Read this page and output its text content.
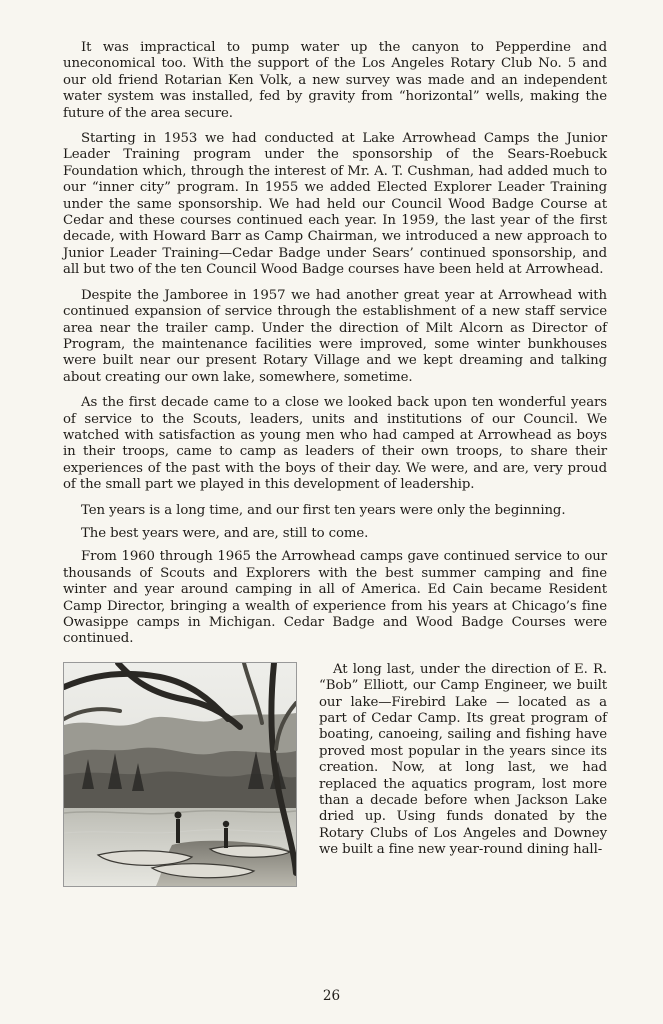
It was impractical to pump water up the canyon to Pepperdine and uneconomical too. With the support of the Los Angeles Rotary Club No. 5 and our old friend Rotarian Ken Volk, a new survey was made and an independent water system was installed, fed by gravity from “horizontal” wells, making the future of the area secure.

Starting in 1953 we had conducted at Lake Arrowhead Camps the Junior Leader Training program under the sponsorship of the Sears-Roebuck Foundation which, through the interest of Mr. A. T. Cushman, had added much to our “inner city” program. In 1955 we added Elected Explorer Leader Training under the same sponsorship. We had held our Council Wood Badge Course at Cedar and these courses continued each year. In 1959, the last year of the first decade, with Howard Barr as Camp Chairman, we introduced a new approach to Junior Leader Training—Cedar Badge under Sears’ continued sponsorship, and all but two of the ten Council Wood Badge courses have been held at Arrowhead.

Despite the Jamboree in 1957 we had another great year at Arrowhead with continued expansion of service through the establishment of a new staff service area near the trailer camp. Under the direction of Milt Alcorn as Director of Program, the maintenance facilities were improved, some winter bunkhouses were built near our present Rotary Village and we kept dreaming and talking about creating our own lake, somewhere, sometime.

As the first decade came to a close we looked back upon ten wonderful years of service to the Scouts, leaders, units and institutions of our Council. We watched with satisfaction as young men who had camped at Arrowhead as boys in their troops, came to camp as leaders of their own troops, to share their experiences of the past with the boys of their day. We were, and are, very proud of the small part we played in this development of leadership.

Ten years is a long time, and our first ten years were only the beginning.

The best years were, and are, still to come.

From 1960 through 1965 the Arrowhead camps gave continued service to our thousands of Scouts and Explorers with the best summer camping and fine winter and year around camping in all of America. Ed Cain became Resident Camp Director, bringing a wealth of experience from his years at Chicago’s fine Owasippe camps in Michigan. Cedar Badge and Wood Badge Courses were continued.

At long last, under the direction of E. R. “Bob” Elliott, our Camp Engineer, we built our lake—Firebird Lake — located as a part of Cedar Camp. Its great program of boating, canoeing, sailing and fishing have proved most popular in the years since its creation. Now, at long last, we had replaced the aquatics program, lost more than a decade before when Jackson Lake dried up. Using funds donated by the Rotary Clubs of Los Angeles and Downey we built a fine new year-round dining hall-

26
